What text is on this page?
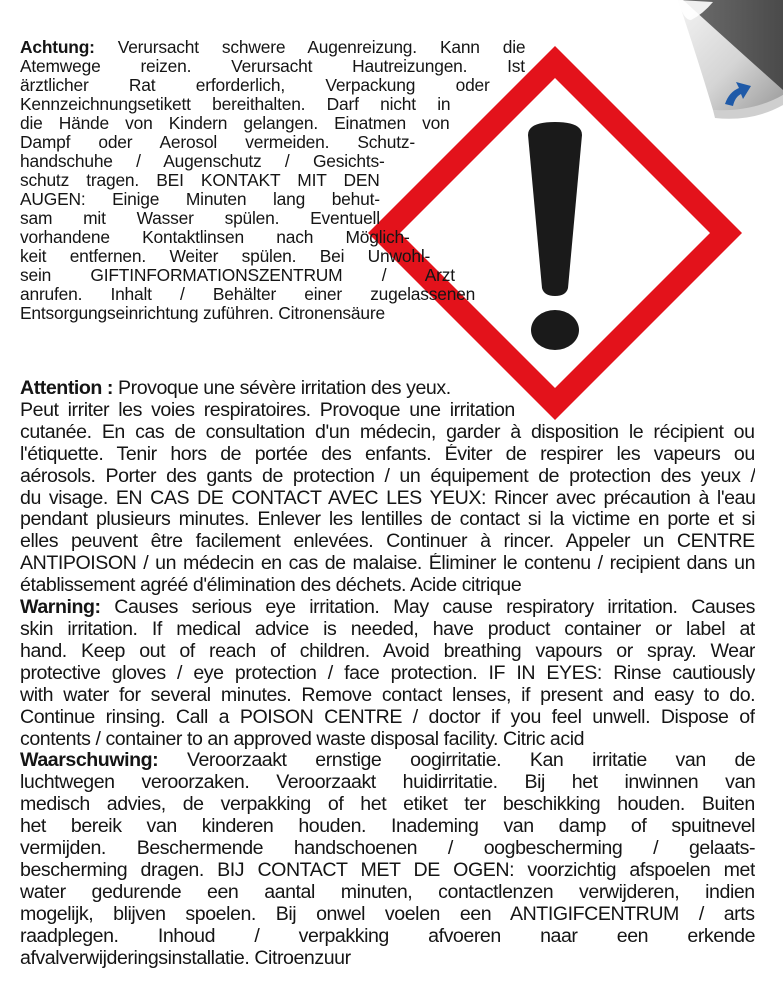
Achtung: Verursacht schwere Augenreizung. Kann die
Atemwege reizen. Verursacht Hautreizungen. Ist
ärztlicher Rat erforderlich, Verpackung oder
Kennzeichnungsetikett bereithalten. Darf nicht in
die Hände von Kindern gelangen. Einatmen von
Dampf oder Aerosol vermeiden. Schutz-
handschuhe / Augenschutz / Gesichts-
schutz tragen. BEI KONTAKT MIT DEN
AUGEN: Einige Minuten lang behut-
sam mit Wasser spülen. Eventuell
vorhandene Kontaktlinsen nach Möglich-
keit entfernen. Weiter spülen. Bei Unwohl-
sein GIFTINFORMATIONSZENTRUM / Arzt
anrufen. Inhalt / Behälter einer zugelassenen
Entsorgungseinrichtung zuführen. Citronensäure
Attention : Provoque une sévère irritation des yeux.
Peut irriter les voies respiratoires. Provoque une irritation
cutanée. En cas de consultation d'un médecin, garder à disposition le récipient ou
l'étiquette. Tenir hors de portée des enfants. Éviter de respirer les vapeurs ou
aérosols. Porter des gants de protection / un équipement de protection des yeux /
du visage. EN CAS DE CONTACT AVEC LES YEUX: Rincer avec précaution à l'eau
pendant plusieurs minutes. Enlever les lentilles de contact si la victime en porte et si
elles peuvent être facilement enlevées. Continuer à rincer. Appeler un CENTRE
ANTIPOISON / un médecin en cas de malaise. Éliminer le contenu / recipient dans un
établissement agréé d'élimination des déchets. Acide citrique
Warning: Causes serious eye irritation. May cause respiratory irritation. Causes
skin irritation. If medical advice is needed, have product container or label at
hand. Keep out of reach of children. Avoid breathing vapours or spray. Wear
protective gloves / eye protection / face protection. IF IN EYES: Rinse cautiously
with water for several minutes. Remove contact lenses, if present and easy to do.
Continue rinsing. Call a POISON CENTRE / doctor if you feel unwell. Dispose of
contents / container to an approved waste disposal facility. Citric acid
Waarschuwing: Veroorzaakt ernstige oogirritatie. Kan irritatie van de
luchtwegen veroorzaken. Veroorzaakt huidirritatie. Bij het inwinnen van
medisch advies, de verpakking of het etiket ter beschikking houden. Buiten
het bereik van kinderen houden. Inademing van damp of spuitnevel
vermijden. Beschermende handschoenen / oogbescherming / gelaats-
bescherming dragen. BIJ CONTACT MET DE OGEN: voorzichtig afspoelen met
water gedurende een aantal minuten, contactlenzen verwijderen, indien
mogelijk, blijven spoelen. Bij onwel voelen een ANTIGIFCENTRUM / arts
raadplegen. Inhoud / verpakking afvoeren naar een erkende
afvalverwijderingsinstallatie. Citroenzuur
